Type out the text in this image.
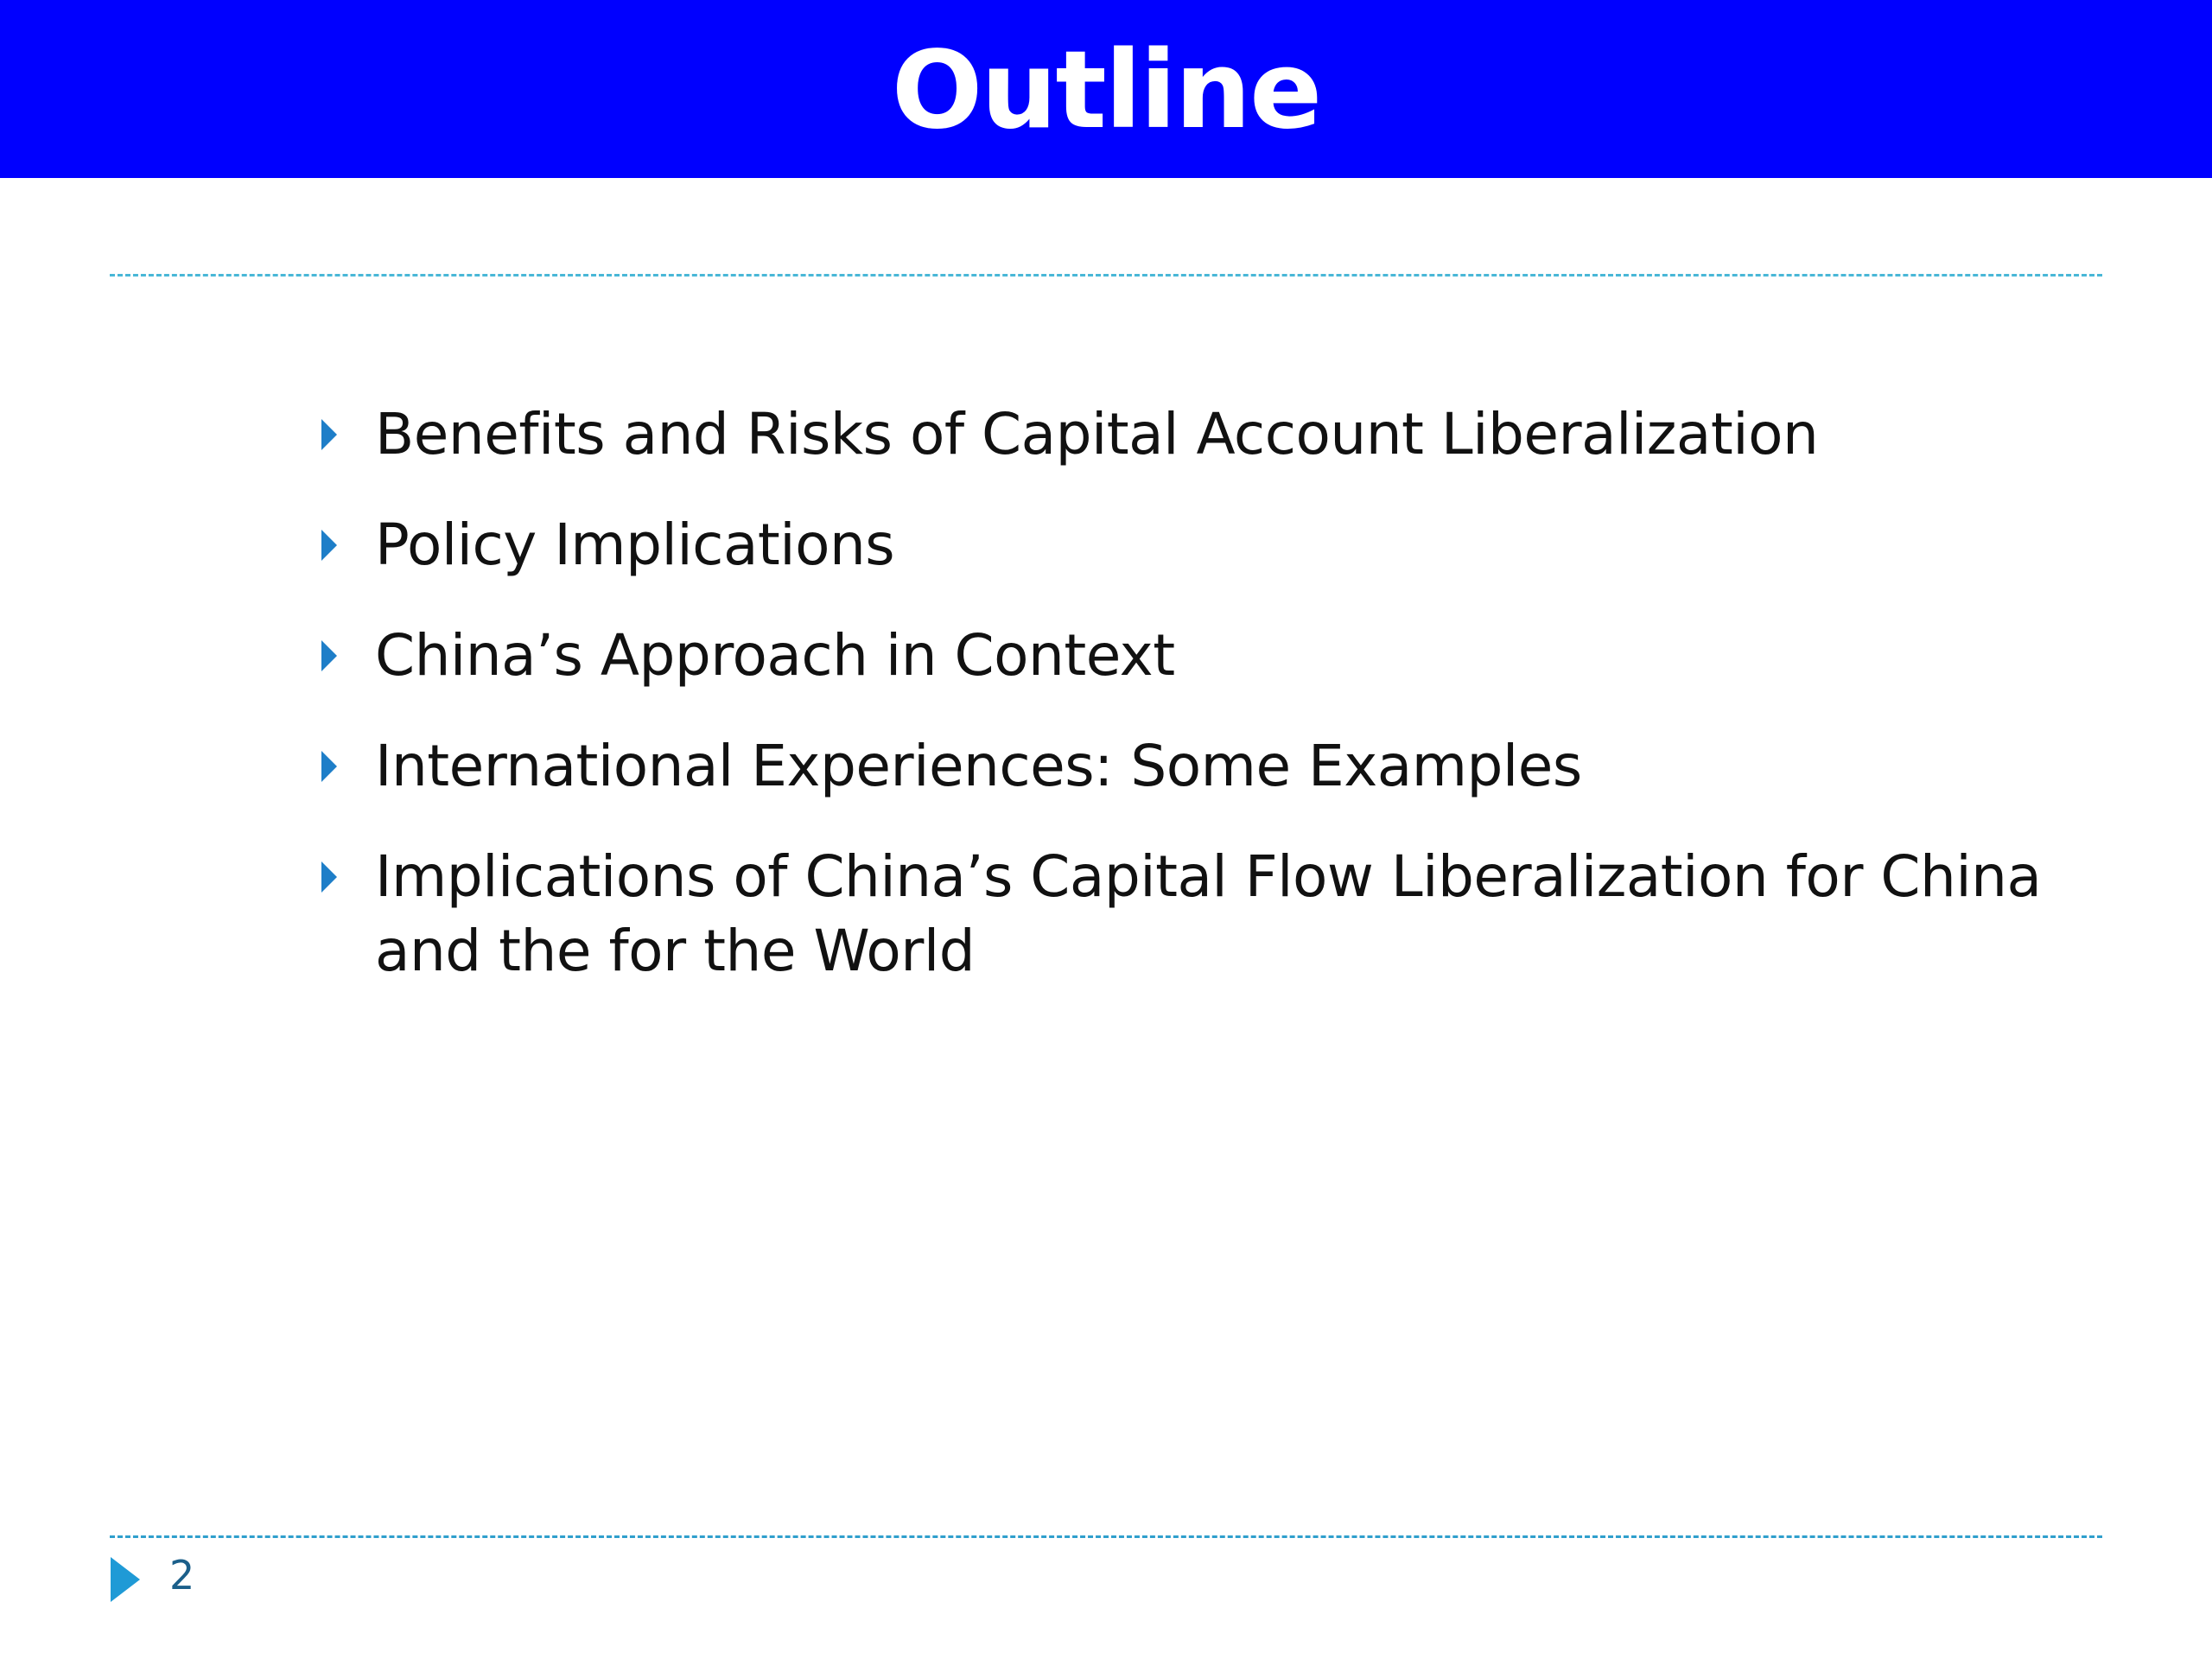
Outline
Benefits and Risks of Capital Account Liberalization
Policy Implications
China’s Approach in Context
International Experiences: Some Examples
Implications of China’s Capital Flow Liberalization for China and the for the World
2
